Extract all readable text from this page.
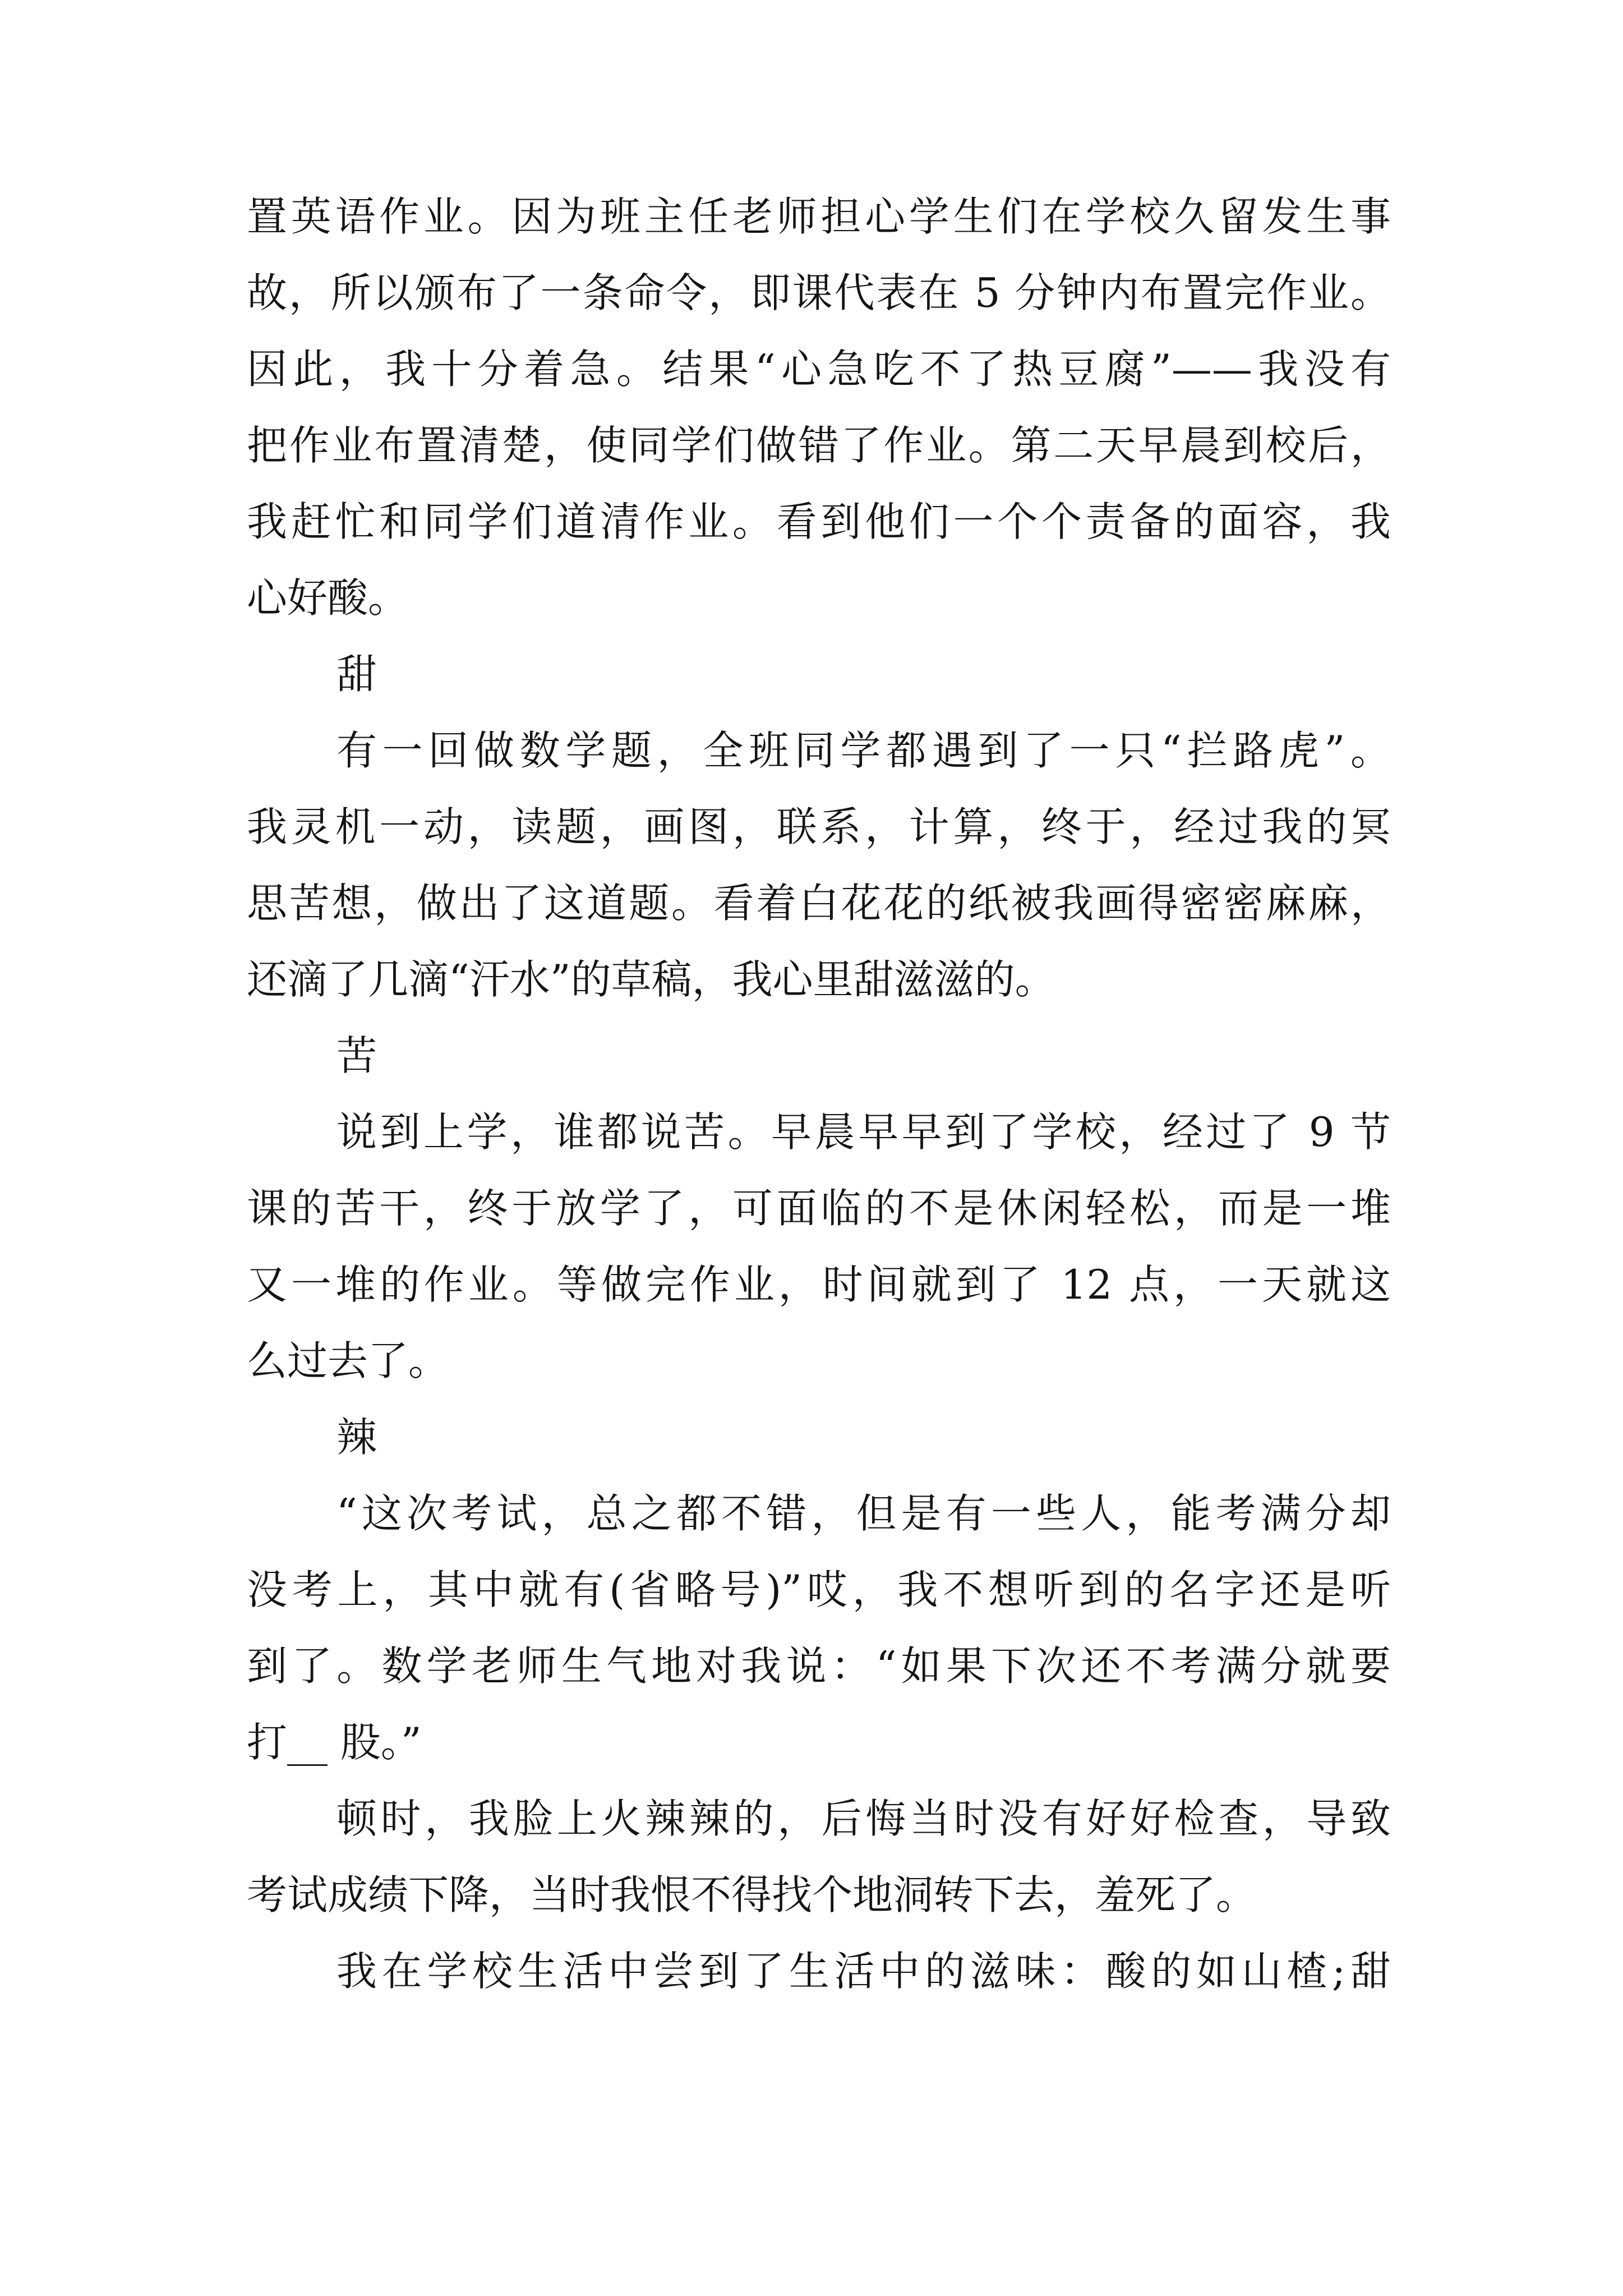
置英语作业。因为班主任老师担心学生们在学校久留发生事
故，所以颁布了一条命令，即课代表在 5 分钟内布置完作业。
因此，我十分着急。结果“心急吃不了热豆腐”——我没有
把作业布置清楚，使同学们做错了作业。第二天早晨到校后，
我赶忙和同学们道清作业。看到他们一个个责备的面容，我
心好酸。
甜
有一回做数学题，全班同学都遇到了一只“拦路虎”。
我灵机一动，读题，画图，联系，计算，终于，经过我的冥
思苦想，做出了这道题。看着白花花的纸被我画得密密麻麻，
还滴了几滴“汗水”的草稿，我心里甜滋滋的。
苦
说到上学，谁都说苦。早晨早早到了学校，经过了 9 节
课的苦干，终于放学了，可面临的不是休闲轻松，而是一堆
又一堆的作业。等做完作业，时间就到了 12 点，一天就这
么过去了。
辣
“这次考试，总之都不错，但是有一些人，能考满分却
没考上，其中就有(省略号)”哎，我不想听到的名字还是听
到了。数学老师生气地对我说：“如果下次还不考满分就要
打__ 股。”
顿时，我脸上火辣辣的，后悔当时没有好好检查，导致
考试成绩下降，当时我恨不得找个地洞转下去，羞死了。
我在学校生活中尝到了生活中的滋味：酸的如山楂;甜
